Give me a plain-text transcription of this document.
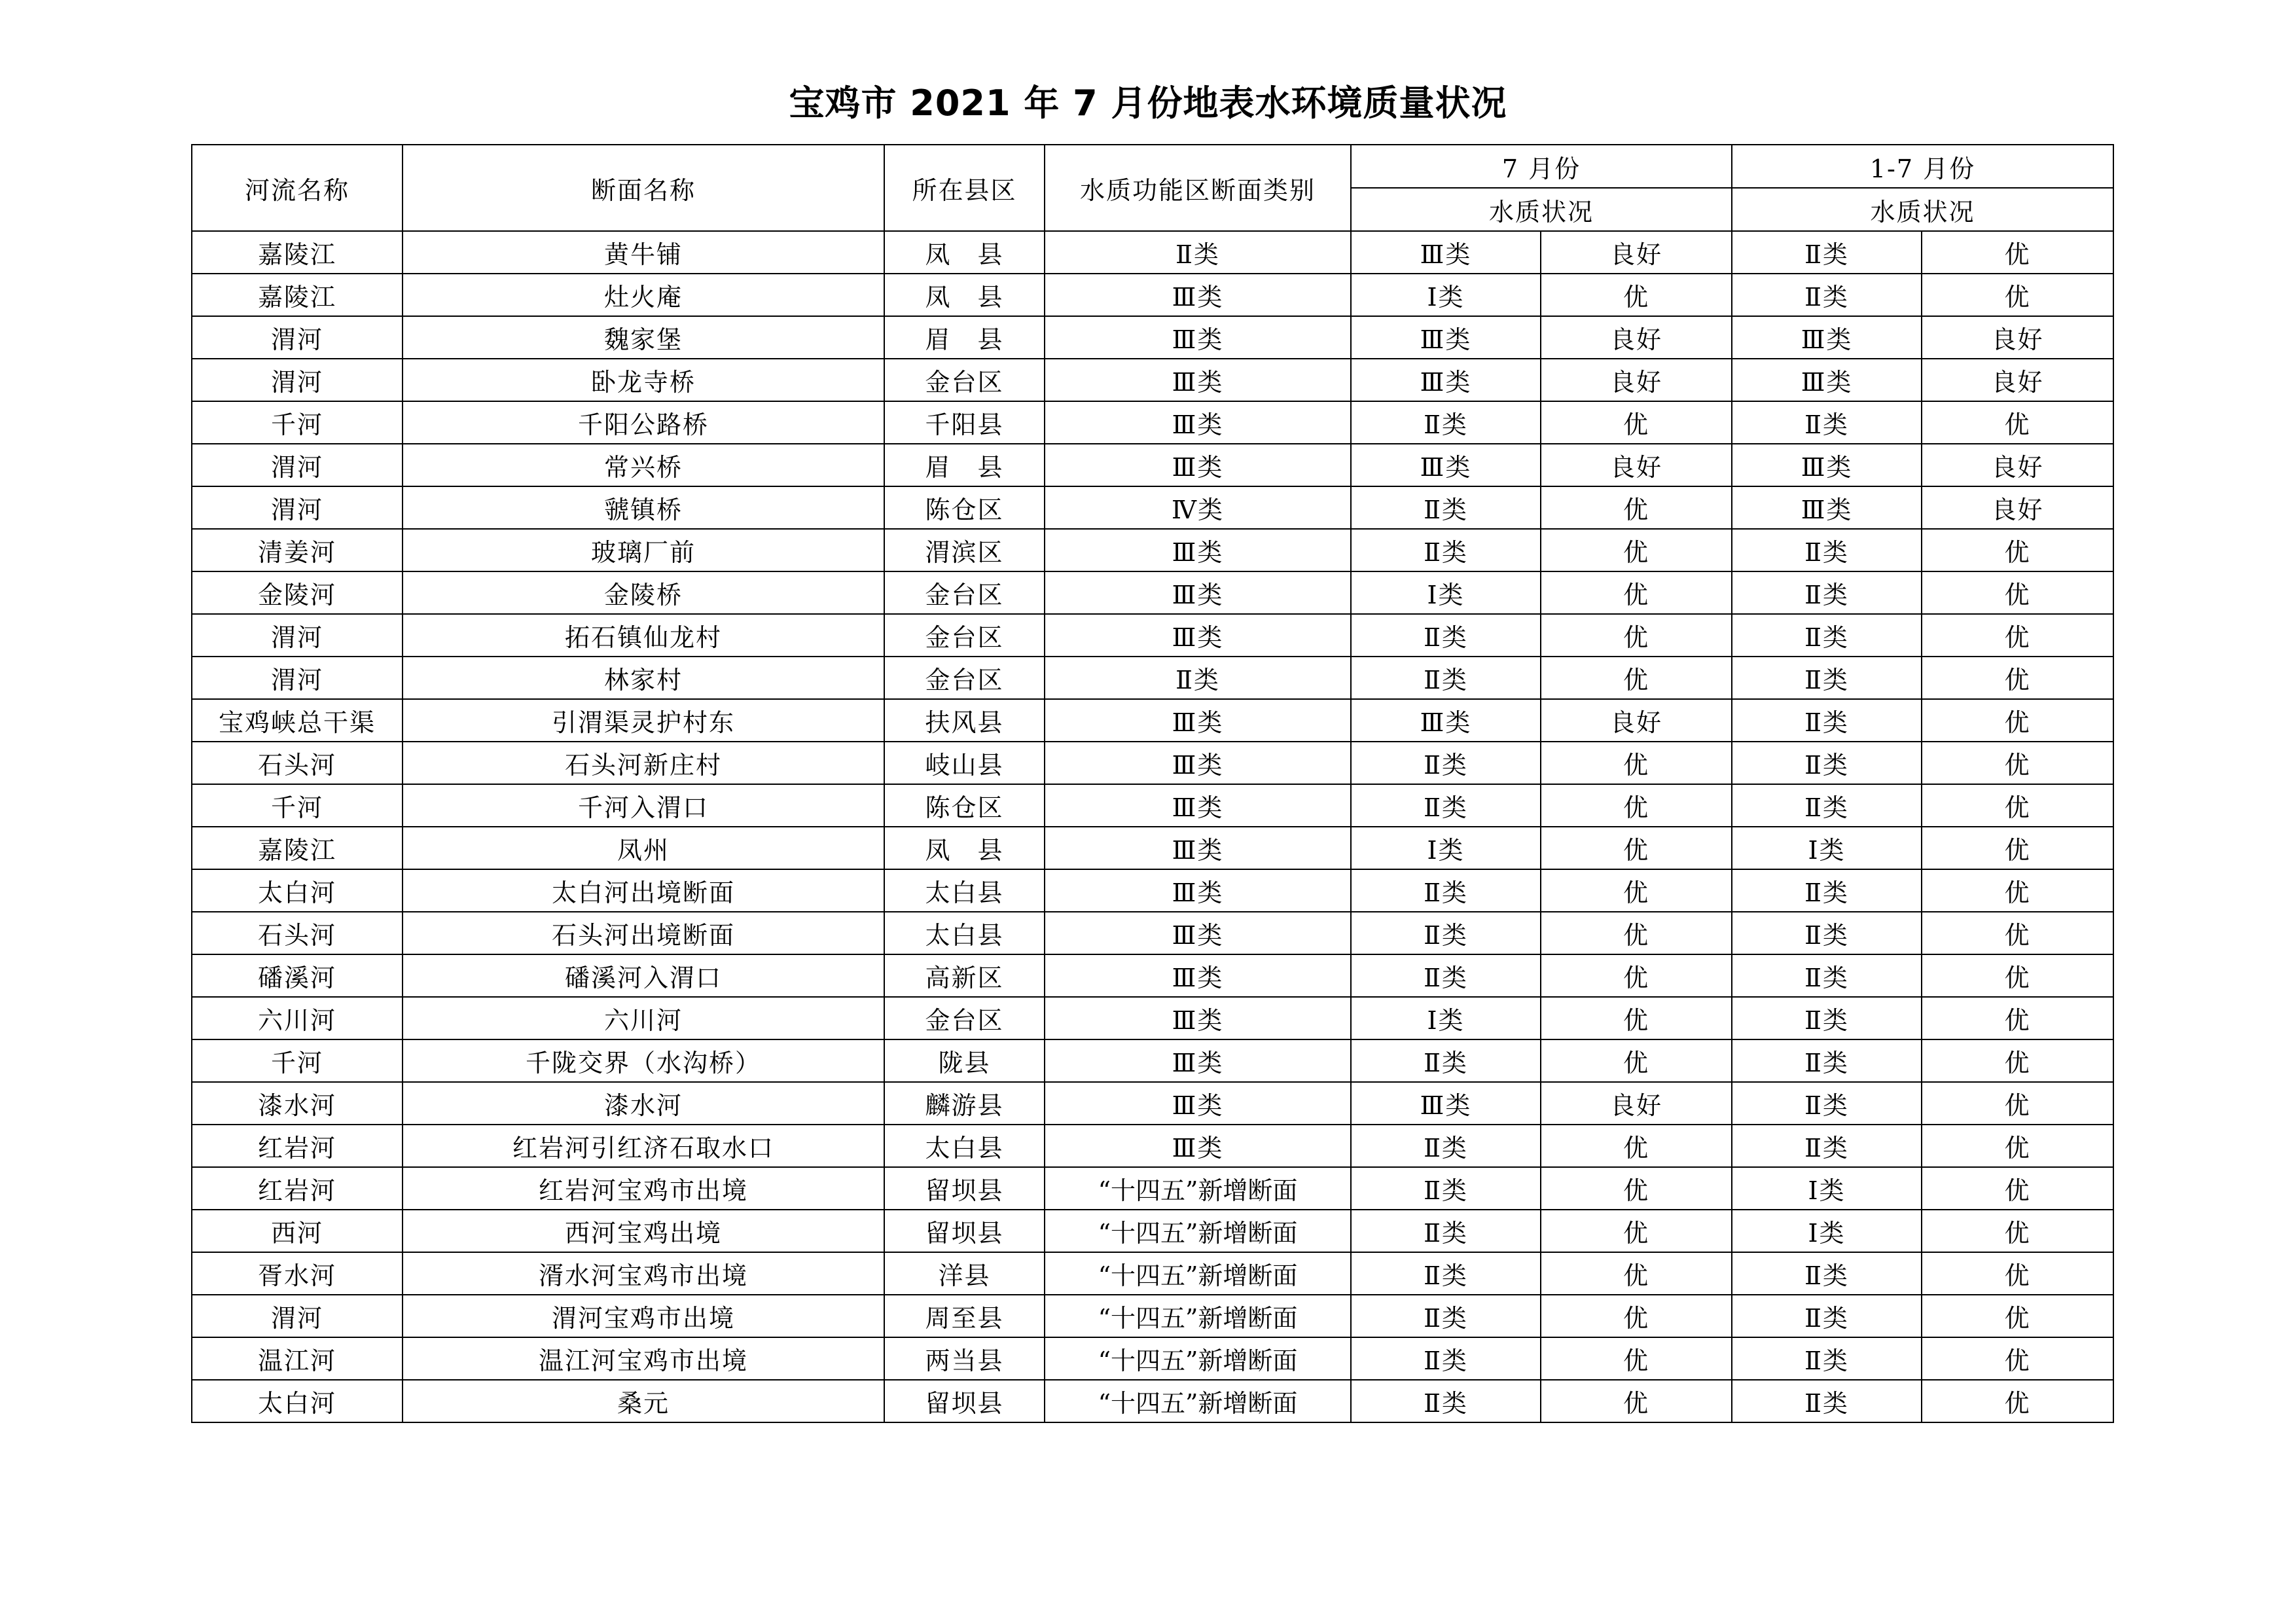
宝鸡市 2021 年 7 月份地表水环境质量状况
河流名称	断面名称	所在县区	水质功能区断面类别	7 月份		1-7 月份	
				水质状况		水质状况	
嘉陵江	黄牛铺	凤　县	Ⅱ类	Ⅲ类	良好	Ⅱ类	优
嘉陵江	灶火庵	凤　县	Ⅲ类	Ⅰ类	优	Ⅱ类	优
渭河	魏家堡	眉　县	Ⅲ类	Ⅲ类	良好	Ⅲ类	良好
渭河	卧龙寺桥	金台区	Ⅲ类	Ⅲ类	良好	Ⅲ类	良好
千河	千阳公路桥	千阳县	Ⅲ类	Ⅱ类	优	Ⅱ类	优
渭河	常兴桥	眉　县	Ⅲ类	Ⅲ类	良好	Ⅲ类	良好
渭河	虢镇桥	陈仓区	Ⅳ类	Ⅱ类	优	Ⅲ类	良好
清姜河	玻璃厂前	渭滨区	Ⅲ类	Ⅱ类	优	Ⅱ类	优
金陵河	金陵桥	金台区	Ⅲ类	Ⅰ类	优	Ⅱ类	优
渭河	拓石镇仙龙村	金台区	Ⅲ类	Ⅱ类	优	Ⅱ类	优
渭河	林家村	金台区	Ⅱ类	Ⅱ类	优	Ⅱ类	优
宝鸡峡总干渠	引渭渠灵护村东	扶风县	Ⅲ类	Ⅲ类	良好	Ⅱ类	优
石头河	石头河新庄村	岐山县	Ⅲ类	Ⅱ类	优	Ⅱ类	优
千河	千河入渭口	陈仓区	Ⅲ类	Ⅱ类	优	Ⅱ类	优
嘉陵江	凤州	凤　县	Ⅲ类	Ⅰ类	优	Ⅰ类	优
太白河	太白河出境断面	太白县	Ⅲ类	Ⅱ类	优	Ⅱ类	优
石头河	石头河出境断面	太白县	Ⅲ类	Ⅱ类	优	Ⅱ类	优
磻溪河	磻溪河入渭口	高新区	Ⅲ类	Ⅱ类	优	Ⅱ类	优
六川河	六川河	金台区	Ⅲ类	Ⅰ类	优	Ⅱ类	优
千河	千陇交界（水沟桥）	陇县	Ⅲ类	Ⅱ类	优	Ⅱ类	优
漆水河	漆水河	麟游县	Ⅲ类	Ⅲ类	良好	Ⅱ类	优
红岩河	红岩河引红济石取水口	太白县	Ⅲ类	Ⅱ类	优	Ⅱ类	优
红岩河	红岩河宝鸡市出境	留坝县	“十四五”新增断面	Ⅱ类	优	Ⅰ类	优
西河	西河宝鸡出境	留坝县	“十四五”新增断面	Ⅱ类	优	Ⅰ类	优
胥水河	湑水河宝鸡市出境	洋县	“十四五”新增断面	Ⅱ类	优	Ⅱ类	优
渭河	渭河宝鸡市出境	周至县	“十四五”新增断面	Ⅱ类	优	Ⅱ类	优
温江河	温江河宝鸡市出境	两当县	“十四五”新增断面	Ⅱ类	优	Ⅱ类	优
太白河	桑元	留坝县	“十四五”新增断面	Ⅱ类	优	Ⅱ类	优
